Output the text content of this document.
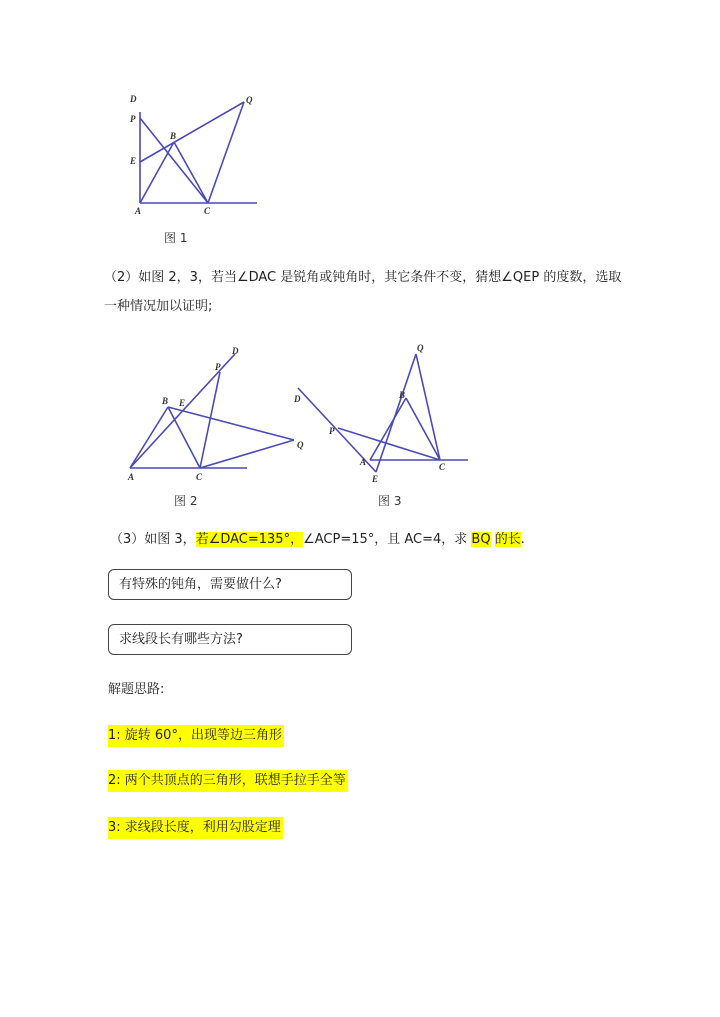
D	Q
P
B
E
A	C
图 1
（2）如图 2，3，若当∠DAC 是锐角或钝角时，其它条件不变，猜想∠QEP 的度数，选取
一种情况加以证明;
D
P
B E
Q
A	C
图 2
Q
D	B
P
A
E
C
图 3
（3）如图 3，若∠DAC=135°，∠ACP=15°，且 AC=4，求 BQ 的长.
有特殊的钝角，需要做什么?
求线段长有哪些方法?
解题思路:
1: 旋转 60°，出现等边三角形
2: 两个共顶点的三角形，联想手拉手全等
3: 求线段长度，利用勾股定理
